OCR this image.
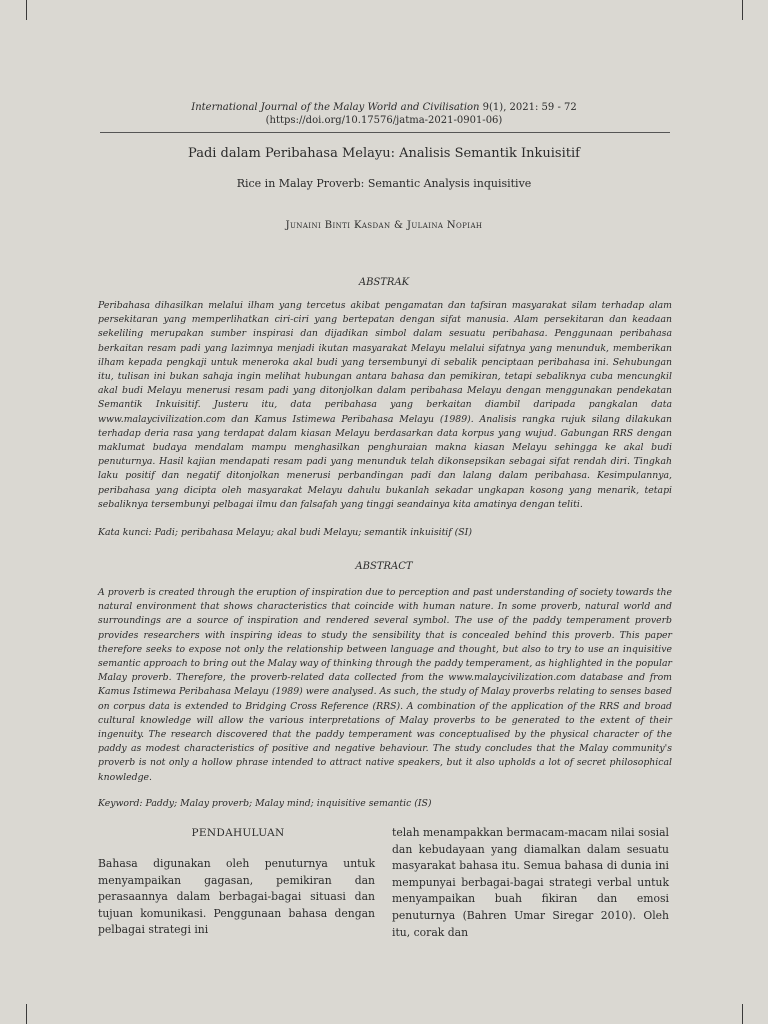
International Journal of the Malay World and Civilisation 9(1), 2021: 59 - 72
(https://doi.org/10.17576/jatma-2021-0901-06)
Padi dalam Peribahasa Melayu: Analisis Semantik Inkuisitif
Rice in Malay Proverb: Semantic Analysis inquisitive
Junaini Binti Kasdan & Julaina Nopiah
ABSTRAK

Peribahasa dihasilkan melalui ilham yang tercetus akibat pengamatan dan tafsiran masyarakat silam terhadap alam persekitaran yang memperlihatkan ciri-ciri yang bertepatan dengan sifat manusia. Alam persekitaran dan keadaan sekeliling merupakan sumber inspirasi dan dijadikan simbol dalam sesuatu peribahasa. Penggunaan peribahasa berkaitan resam padi yang lazimnya menjadi ikutan masyarakat Melayu melalui sifatnya yang menunduk, memberikan ilham kepada pengkaji untuk meneroka akal budi yang tersembunyi di sebalik penciptaan peribahasa ini. Sehubungan itu, tulisan ini bukan sahaja ingin melihat hubungan antara bahasa dan pemikiran, tetapi sebaliknya cuba mencungkil akal budi Melayu menerusi resam padi yang ditonjolkan dalam peribahasa Melayu dengan menggunakan pendekatan Semantik Inkuisitif. Justeru itu, data peribahasa yang berkaitan diambil daripada pangkalan data www.malaycivilization.com dan Kamus Istimewa Peribahasa Melayu (1989). Analisis rangka rujuk silang dilakukan terhadap deria rasa yang terdapat dalam kiasan Melayu berdasarkan data korpus yang wujud. Gabungan RRS dengan maklumat budaya mendalam mampu menghasilkan penghuraian makna kiasan Melayu sehingga ke akal budi penuturnya. Hasil kajian mendapati resam padi yang menunduk telah dikonsepsikan sebagai sifat rendah diri. Tingkah laku positif dan negatif ditonjolkan menerusi perbandingan padi dan lalang dalam peribahasa. Kesimpulannya, peribahasa yang dicipta oleh masyarakat Melayu dahulu bukanlah sekadar ungkapan kosong yang menarik, tetapi sebaliknya tersembunyi pelbagai ilmu dan falsafah yang tinggi seandainya kita amatinya dengan teliti.

Kata kunci: Padi; peribahasa Melayu; akal budi Melayu; semantik inkuisitif (SI)

ABSTRACT

A proverb is created through the eruption of inspiration due to perception and past understanding of society towards the natural environment that shows characteristics that coincide with human nature. In some proverb, natural world and surroundings are a source of inspiration and rendered several symbol. The use of the paddy temperament proverb provides researchers with inspiring ideas to study the sensibility that is concealed behind this proverb. This paper therefore seeks to expose not only the relationship between language and thought, but also to try to use an inquisitive semantic approach to bring out the Malay way of thinking through the paddy temperament, as highlighted in the popular Malay proverb. Therefore, the proverb-related data collected from the www.malaycivilization.com database and from Kamus Istimewa Peribahasa Melayu (1989) were analysed. As such, the study of Malay proverbs relating to senses based on corpus data is extended to Bridging Cross Reference (RRS). A combination of the application of the RRS and broad cultural knowledge will allow the various interpretations of Malay proverbs to be generated to the extent of their ingenuity. The research discovered that the paddy temperament was conceptualised by the physical character of the paddy as modest characteristics of positive and negative behaviour. The study concludes that the Malay community's proverb is not only a hollow phrase intended to attract native speakers, but it also upholds a lot of secret philosophical knowledge.

Keyword: Paddy; Malay proverb; Malay mind; inquisitive semantic (IS)

PENDAHULUAN

Bahasa digunakan oleh penuturnya untuk menyampaikan gagasan, pemikiran dan perasaannya dalam berbagai-bagai situasi dan tujuan komunikasi. Penggunaan bahasa dengan pelbagai strategi ini

telah menampakkan bermacam-macam nilai sosial dan kebudayaan yang diamalkan dalam sesuatu masyarakat bahasa itu. Semua bahasa di dunia ini mempunyai berbagai-bagai strategi verbal untuk menyampaikan buah fikiran dan emosi penuturnya (Bahren Umar Siregar 2010). Oleh itu, corak dan
